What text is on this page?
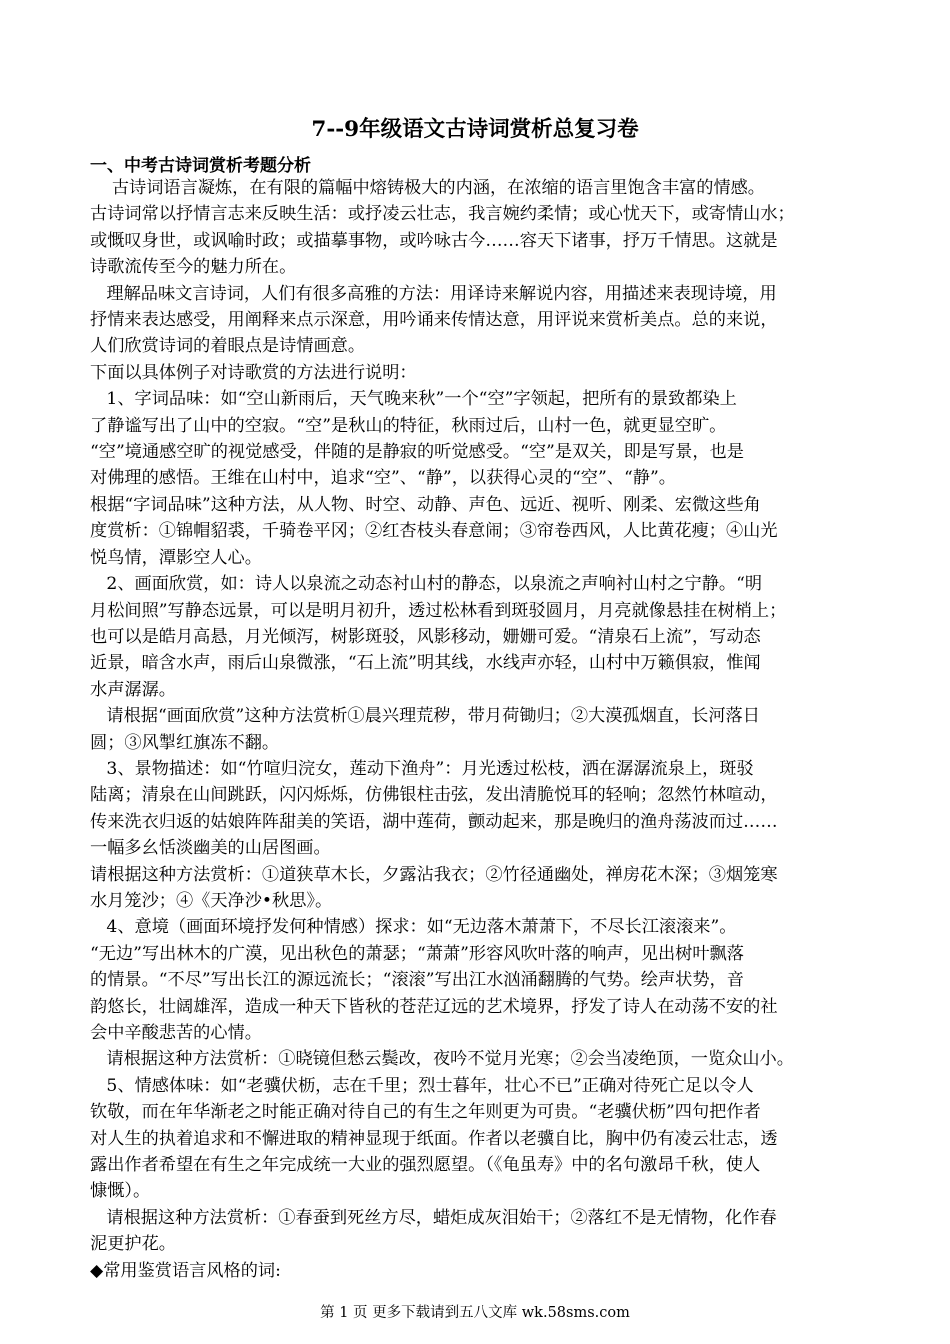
7--9年级语文古诗词赏析总复习卷
一、中考古诗词赏析考题分析

古诗词语言凝炼，在有限的篇幅中熔铸极大的内涵，在浓缩的语言里饱含丰富的情感。

古诗词常以抒情言志来反映生活：或抒凌云壮志，我言婉约柔情；或心忧天下，或寄情山水；

或慨叹身世，或讽喻时政；或描摹事物，或吟咏古今……容天下诸事，抒万千情思。这就是

诗歌流传至今的魅力所在。

理解品味文言诗词，人们有很多高雅的方法：用译诗来解说内容，用描述来表现诗境，用

抒情来表达感受，用阐释来点示深意，用吟诵来传情达意，用评说来赏析美点。总的来说，

人们欣赏诗词的着眼点是诗情画意。

下面以具体例子对诗歌赏的方法进行说明：

1、字词品味：如“空山新雨后，天气晚来秋”一个“空”字领起，把所有的景致都染上

了静谧写出了山中的空寂。“空”是秋山的特征，秋雨过后，山村一色，就更显空旷。

“空”境通感空旷的视觉感受，伴随的是静寂的听觉感受。“空”是双关，即是写景，也是

对佛理的感悟。王维在山村中，追求“空”、“静”，以获得心灵的“空”、“静”。

根据“字词品味”这种方法，从人物、时空、动静、声色、远近、视听、刚柔、宏微这些角

度赏析：①锦帽貂裘，千骑卷平冈；②红杏枝头春意闹；③帘卷西风，人比黄花瘦；④山光

悦鸟情，潭影空人心。

2、画面欣赏，如：诗人以泉流之动态衬山村的静态，以泉流之声响衬山村之宁静。“明

月松间照”写静态远景，可以是明月初升，透过松林看到斑驳圆月，月亮就像悬挂在树梢上；

也可以是皓月高悬，月光倾泻，树影斑驳，风影移动，姗姗可爱。“清泉石上流”，写动态

近景，暗含水声，雨后山泉微涨，“石上流”明其线，水线声亦轻，山村中万籁俱寂，惟闻

水声潺潺。

请根据“画面欣赏”这种方法赏析①晨兴理荒秽，带月荷锄归；②大漠孤烟直，长河落日

圆；③风掣红旗冻不翻。

3、景物描述：如“竹喧归浣女，莲动下渔舟”：月光透过松枝，洒在潺潺流泉上，斑驳

陆离；清泉在山间跳跃，闪闪烁烁，仿佛银柱击弦，发出清脆悦耳的轻响；忽然竹林喧动，

传来洗衣归返的姑娘阵阵甜美的笑语，湖中莲荷，颤动起来，那是晚归的渔舟荡波而过……

一幅多幺恬淡幽美的山居图画。

请根据这种方法赏析：①道狭草木长，夕露沾我衣；②竹径通幽处，禅房花木深；③烟笼寒

水月笼沙；④《天净沙•秋思》。

4、意境（画面环境抒发何种情感）探求：如“无边落木萧萧下，不尽长江滚滚来”。

“无边”写出林木的广漠，见出秋色的萧瑟；“萧萧”形容风吹叶落的响声，见出树叶飘落

的情景。“不尽”写出长江的源远流长；“滚滚”写出江水汹涌翻腾的气势。绘声状势，音

韵悠长，壮阔雄浑，造成一种天下皆秋的苍茫辽远的艺术境界，抒发了诗人在动荡不安的社

会中辛酸悲苦的心情。

请根据这种方法赏析：①晓镜但愁云鬓改，夜吟不觉月光寒；②会当凌绝顶，一览众山小。

5、情感体味：如“老骥伏枥，志在千里；烈士暮年，壮心不已”正确对待死亡足以令人

钦敬，而在年华渐老之时能正确对待自己的有生之年则更为可贵。“老骥伏枥”四句把作者

对人生的执着追求和不懈进取的精神显现于纸面。作者以老骥自比，胸中仍有凌云壮志，透

露出作者希望在有生之年完成统一大业的强烈愿望。（《龟虽寿》中的名句激昂千秋，使人

慷慨）。

请根据这种方法赏析：①春蚕到死丝方尽，蜡炬成灰泪始干；②落红不是无情物，化作春

泥更护花。

◆常用鉴赏语言风格的词:

第 1 页 更多下载请到五八文库 wk.58sms.com
